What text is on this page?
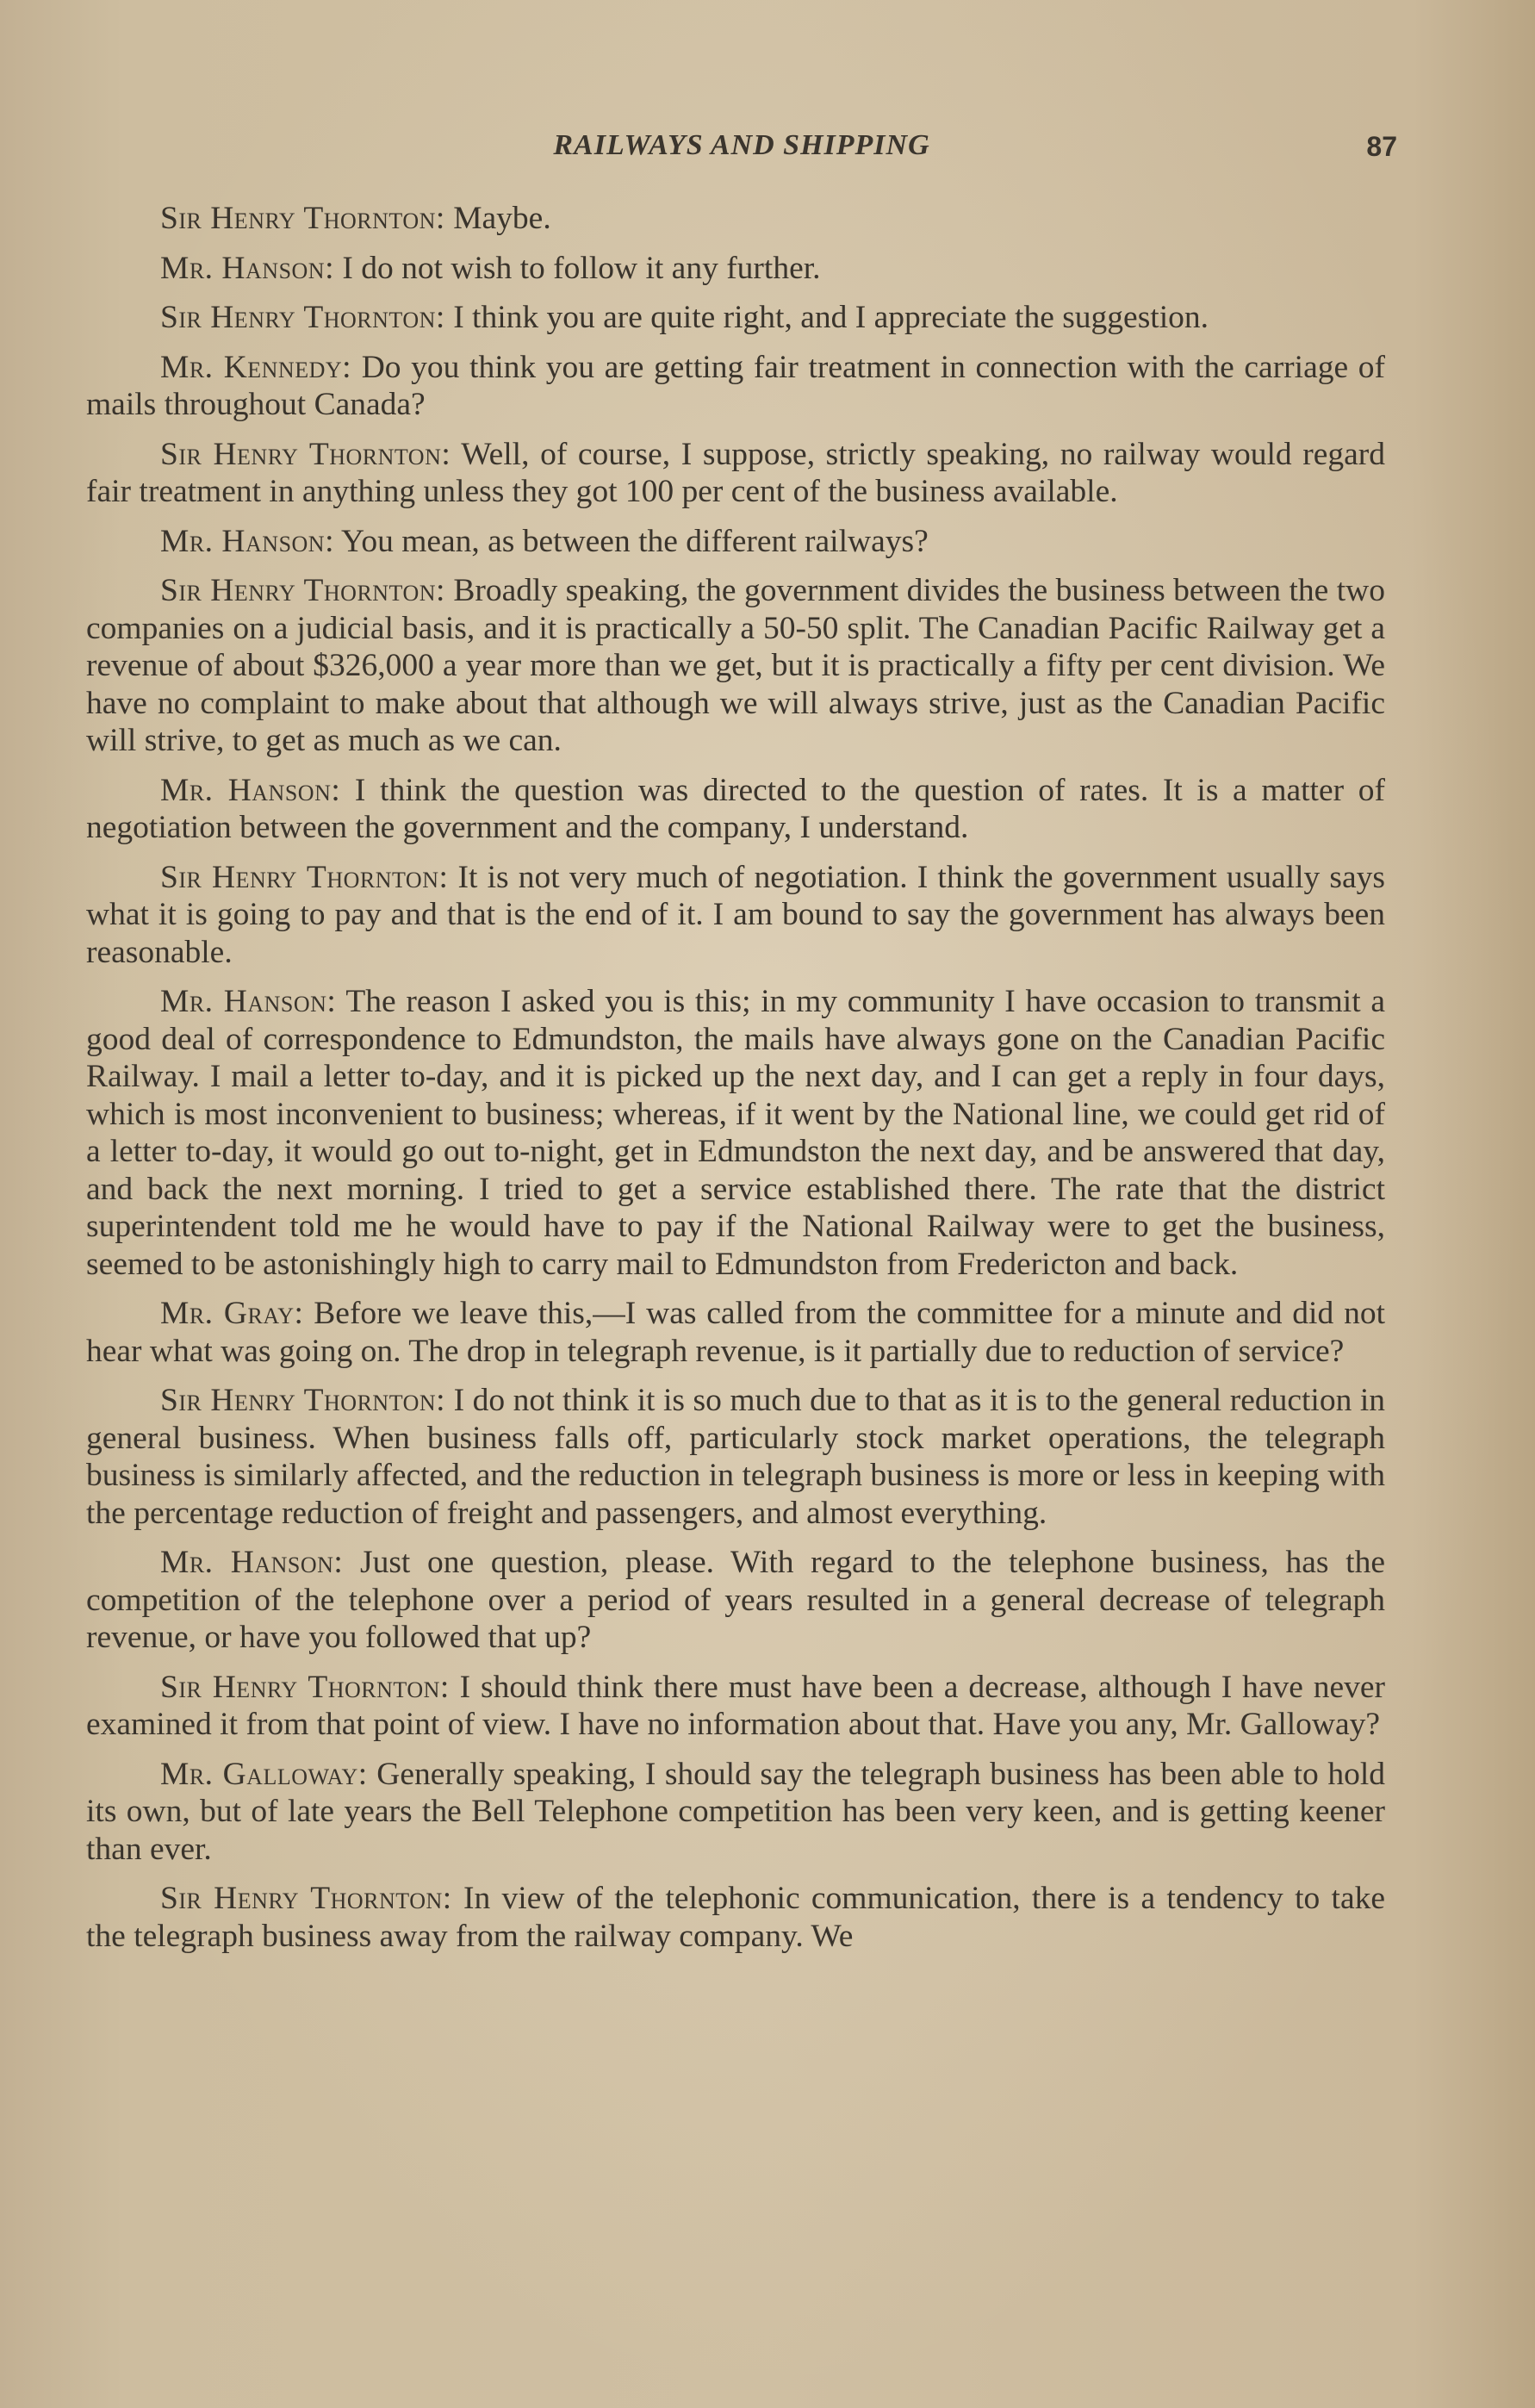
RAILWAYS AND SHIPPING	87

Sir Henry Thornton: Maybe.

Mr. Hanson: I do not wish to follow it any further.

Sir Henry Thornton: I think you are quite right, and I appreciate the suggestion.

Mr. Kennedy: Do you think you are getting fair treatment in connection with the carriage of mails throughout Canada?

Sir Henry Thornton: Well, of course, I suppose, strictly speaking, no railway would regard fair treatment in anything unless they got 100 per cent of the business available.

Mr. Hanson: You mean, as between the different railways?

Sir Henry Thornton: Broadly speaking, the government divides the business between the two companies on a judicial basis, and it is practically a 50-50 split. The Canadian Pacific Railway get a revenue of about $326,000 a year more than we get, but it is practically a fifty per cent division. We have no complaint to make about that although we will always strive, just as the Canadian Pacific will strive, to get as much as we can.

Mr. Hanson: I think the question was directed to the question of rates. It is a matter of negotiation between the government and the company, I understand.

Sir Henry Thornton: It is not very much of negotiation. I think the government usually says what it is going to pay and that is the end of it. I am bound to say the government has always been reasonable.

Mr. Hanson: The reason I asked you is this; in my community I have occasion to transmit a good deal of correspondence to Edmundston, the mails have always gone on the Canadian Pacific Railway. I mail a letter to-day, and it is picked up the next day, and I can get a reply in four days, which is most inconvenient to business; whereas, if it went by the National line, we could get rid of a letter to-day, it would go out to-night, get in Edmundston the next day, and be answered that day, and back the next morning. I tried to get a service established there. The rate that the district superintendent told me he would have to pay if the National Railway were to get the business, seemed to be astonishingly high to carry mail to Edmundston from Fredericton and back.

Mr. Gray: Before we leave this,—I was called from the committee for a minute and did not hear what was going on. The drop in telegraph revenue, is it partially due to reduction of service?

Sir Henry Thornton: I do not think it is so much due to that as it is to the general reduction in general business. When business falls off, particularly stock market operations, the telegraph business is similarly affected, and the reduction in telegraph business is more or less in keeping with the percentage reduction of freight and passengers, and almost everything.

Mr. Hanson: Just one question, please. With regard to the telephone business, has the competition of the telephone over a period of years resulted in a general decrease of telegraph revenue, or have you followed that up?

Sir Henry Thornton: I should think there must have been a decrease, although I have never examined it from that point of view. I have no information about that. Have you any, Mr. Galloway?

Mr. Galloway: Generally speaking, I should say the telegraph business has been able to hold its own, but of late years the Bell Telephone competition has been very keen, and is getting keener than ever.

Sir Henry Thornton: In view of the telephonic communication, there is a tendency to take the telegraph business away from the railway company. We
